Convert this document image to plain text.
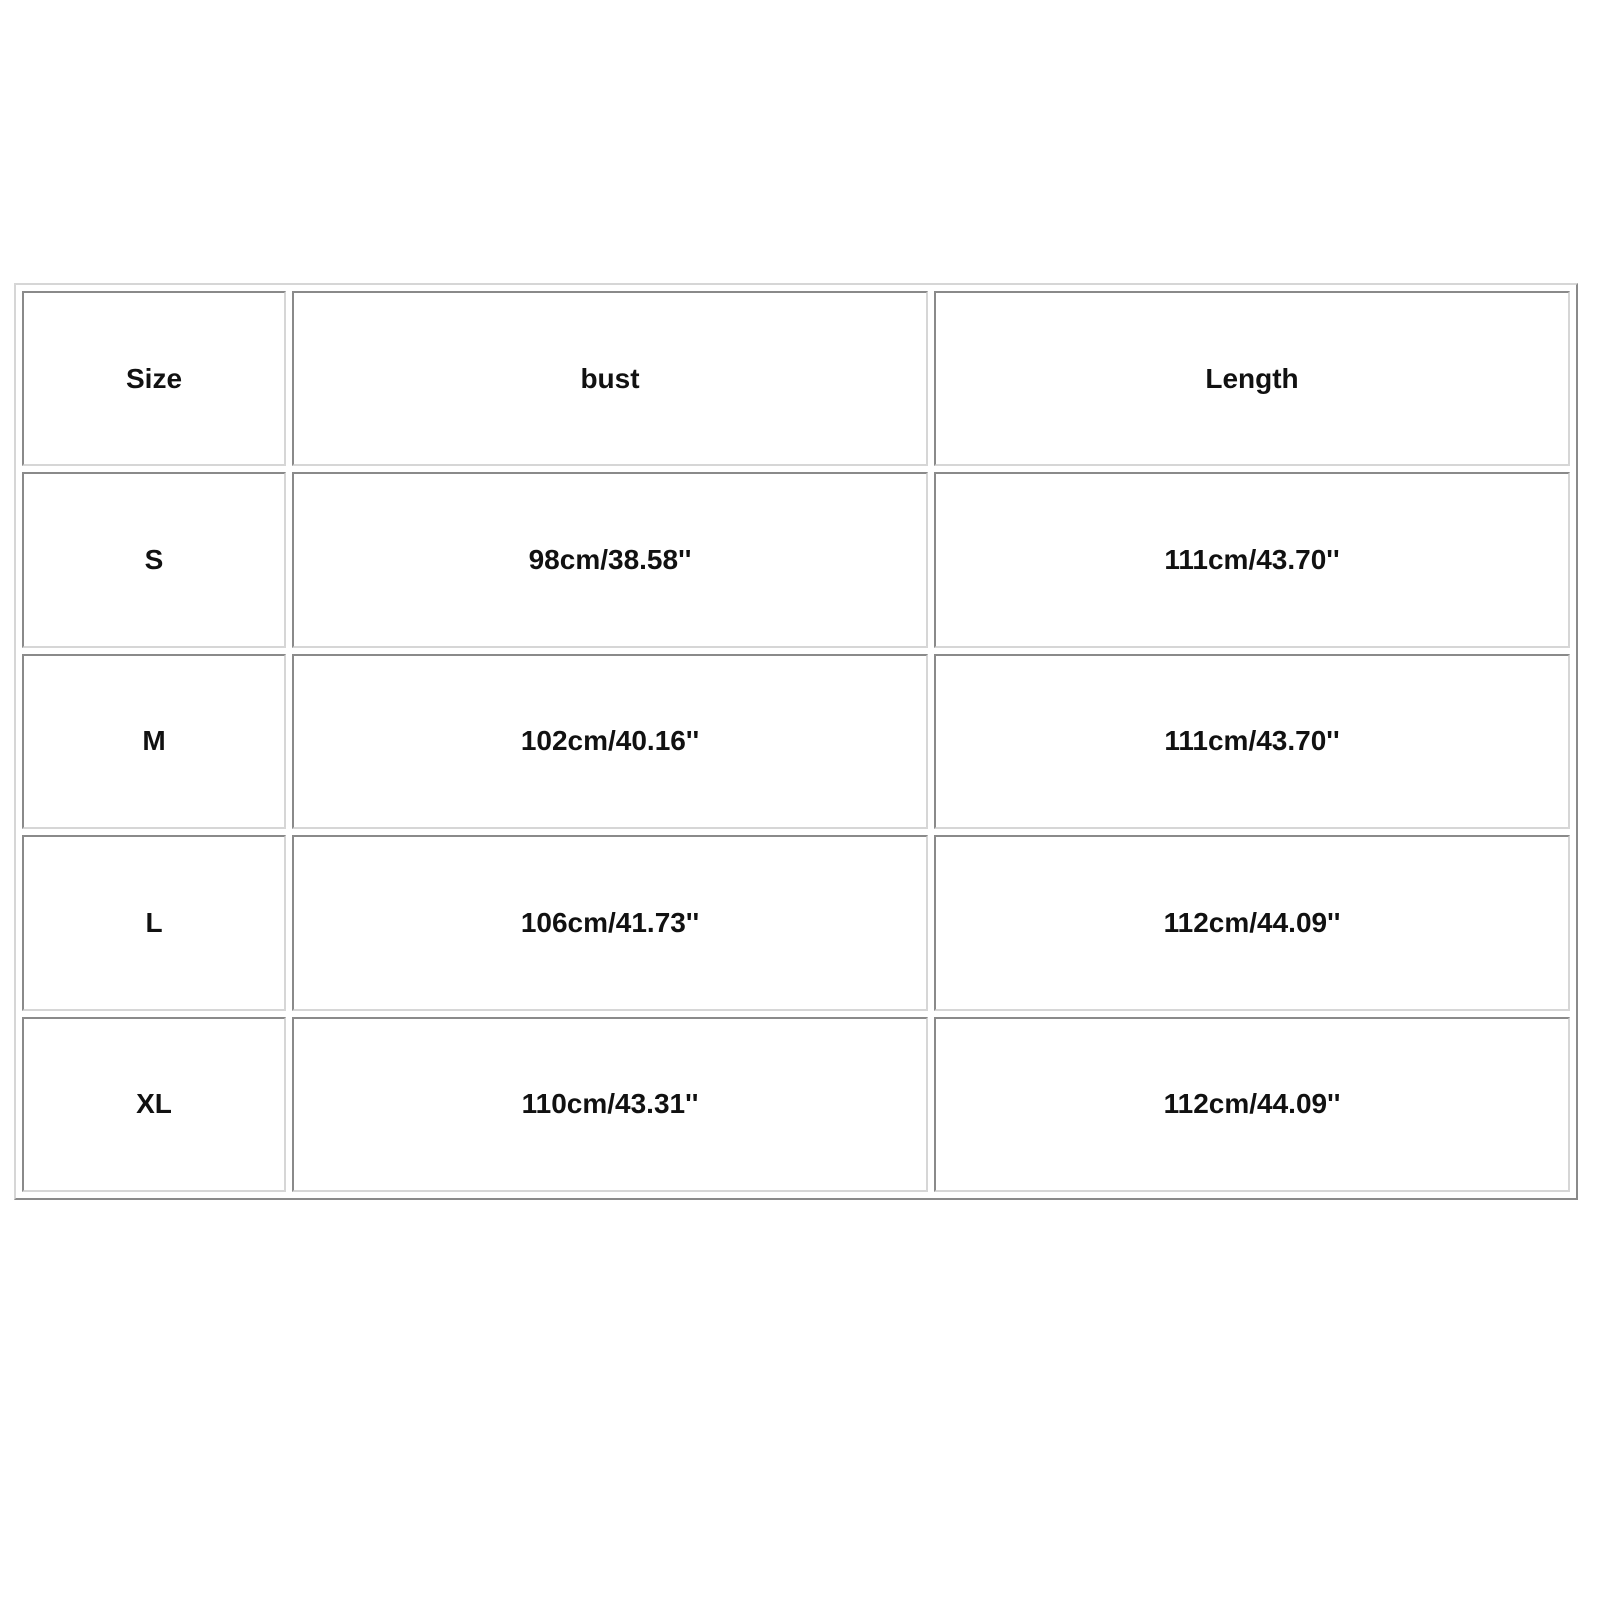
Size	bust	Length
S	98cm/38.58''	111cm/43.70''
M	102cm/40.16''	111cm/43.70''
L	106cm/41.73''	112cm/44.09''
XL	110cm/43.31''	112cm/44.09''
